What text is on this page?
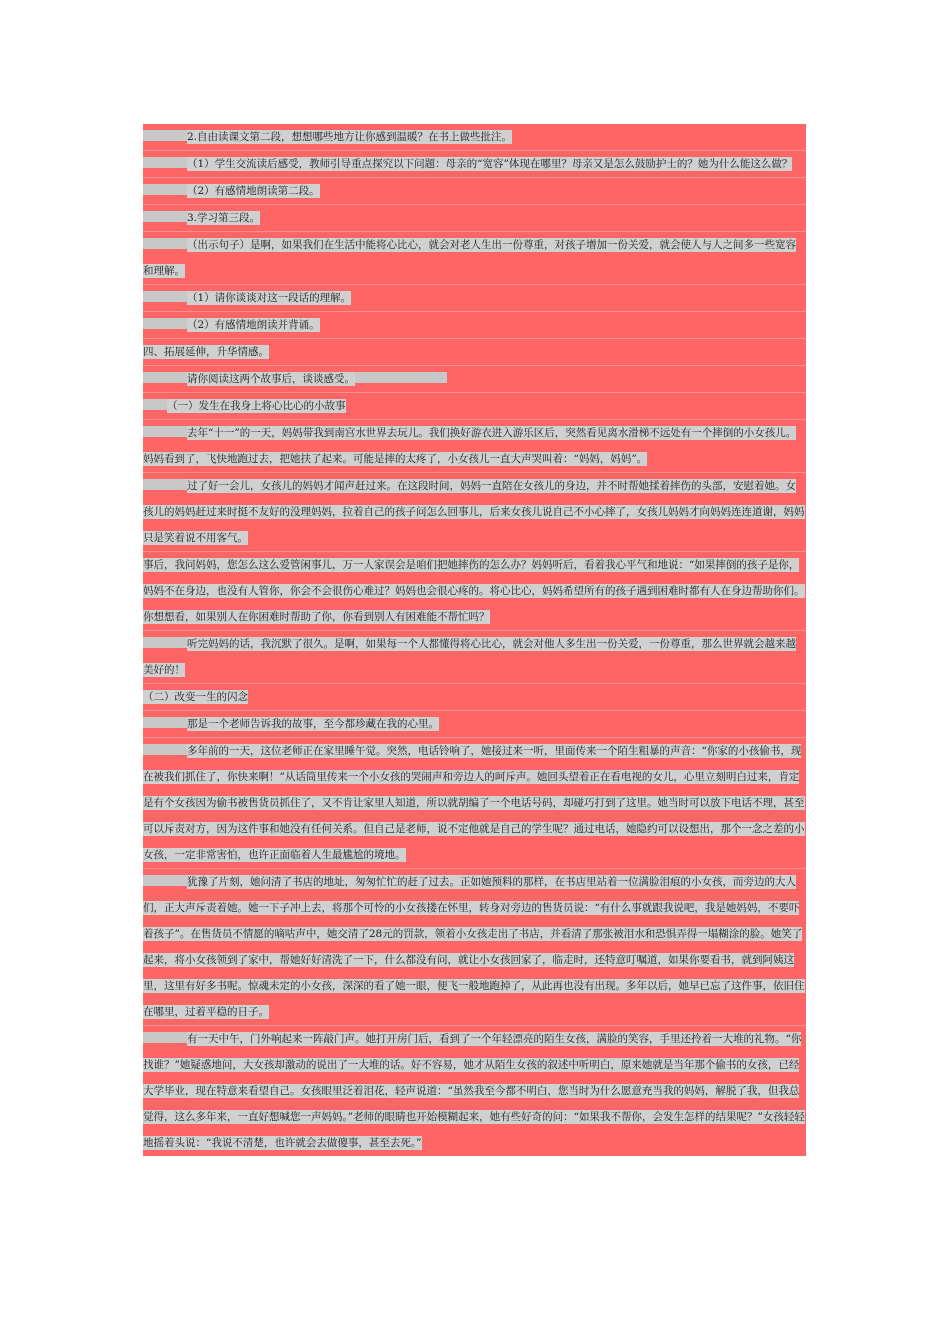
2.自由读课文第二段，想想哪些地方让你感到温暖？在书上做些批注。
（1）学生交流读后感受，教师引导重点探究以下问题：母亲的“宽容”体现在哪里？母亲又是怎么鼓励护士的？她为什么能这么做？
（2）有感情地朗读第二段。
3.学习第三段。
（出示句子）是啊，如果我们在生活中能将心比心，就会对老人生出一份尊重，对孩子增加一份关爱，就会使人与人之间多一些宽容和理解。
（1）请你谈谈对这一段话的理解。
（2）有感情地朗读并背诵。
四、拓展延伸，升华情感。
请你阅读这两个故事后，谈谈感受。
（一）发生在我身上将心比心的小故事
去年“十一”的一天，妈妈带我到南宫水世界去玩儿。我们换好游衣进入游乐区后，突然看见离水滑梯不远处有一个摔倒的小女孩儿。妈妈看到了，飞快地跑过去，把她扶了起来。可能是摔的太疼了，小女孩儿一直大声哭叫着：“妈妈，妈妈”。
过了好一会儿，女孩儿的妈妈才闻声赶过来。在这段时间，妈妈一直陪在女孩儿的身边，并不时帮她揉着摔伤的头部，安慰着她。女孩儿的妈妈赶过来时挺不友好的没理妈妈，拉着自己的孩子问怎么回事儿，后来女孩儿说自己不小心摔了，女孩儿妈妈才向妈妈连连道谢，妈妈只是笑着说不用客气。
事后，我问妈妈，您怎么这么爱管闲事儿，万一人家误会是咱们把她摔伤的怎么办？妈妈听后，看着我心平气和地说：“如果摔倒的孩子是你，妈妈不在身边，也没有人管你，你会不会很伤心难过？妈妈也会很心疼的。将心比心，妈妈希望所有的孩子遇到困难时都有人在身边帮助你们。你想想看，如果别人在你困难时帮助了你，你看到别人有困难能不帮忙吗？
听完妈妈的话，我沉默了很久。是啊，如果每一个人都懂得将心比心，就会对他人多生出一份关爱，一份尊重，那么世界就会越来越美好的！
（二）改变一生的闪念
那是一个老师告诉我的故事，至今都珍藏在我的心里。
多年前的一天，这位老师正在家里睡午觉。突然，电话铃响了，她接过来一听，里面传来一个陌生粗暴的声音：“你家的小孩偷书，现在被我们抓住了，你快来啊！”从话筒里传来一个小女孩的哭闹声和旁边人的呵斥声。她回头望着正在看电视的女儿，心里立刻明白过来，肯定是有个女孩因为偷书被售货员抓住了，又不肯让家里人知道，所以就胡编了一个电话号码，却碰巧打到了这里。她当时可以放下电话不理，甚至可以斥责对方，因为这件事和她没有任何关系。但自己是老师，说不定他就是自己的学生呢？通过电话，她隐约可以设想出，那个一念之差的小女孩，一定非常害怕，也许正面临着人生最尴尬的境地。
犹豫了片刻，她问清了书店的地址，匆匆忙忙的赶了过去。正如她预料的那样，在书店里站着一位满脸泪痕的小女孩，而旁边的大人们，正大声斥责着她。她一下子冲上去，将那个可怜的小女孩搂在怀里，转身对旁边的售货员说：“有什么事就跟我说吧，我是她妈妈，不要吓着孩子”。在售货员不情愿的嘀咕声中，她交清了28元的罚款，领着小女孩走出了书店，并看清了那张被泪水和恐惧弄得一塌糊涂的脸。她笑了起来，将小女孩领到了家中，帮她好好清洗了一下，什么都没有问，就让小女孩回家了，临走时，还特意叮嘱道，如果你要看书，就到阿姨这里，这里有好多书呢。惊魂未定的小女孩，深深的看了她一眼，便飞一般地跑掉了，从此再也没有出现。多年以后，她早已忘了这件事，依旧住在哪里，过着平稳的日子。
有一天中午，门外响起来一阵敲门声。她打开房门后，看到了一个年轻漂亮的陌生女孩，满脸的笑容，手里还拎着一大堆的礼物。“你找谁？”她疑惑地问，大女孩却激动的说出了一大堆的话。好不容易，她才从陌生女孩的叙述中听明白，原来她就是当年那个偷书的女孩，已经大学毕业，现在特意来看望自己。女孩眼里泛着泪花，轻声说道：“虽然我至今都不明白，您当时为什么愿意充当我的妈妈，解脱了我，但我总觉得，这么多年来，一直好想喊您一声妈妈。”老师的眼睛也开始模糊起来，她有些好奇的问：“如果我不帮你，会发生怎样的结果呢？”女孩轻轻地摇着头说：“我说不清楚，也许就会去做傻事，甚至去死。”
